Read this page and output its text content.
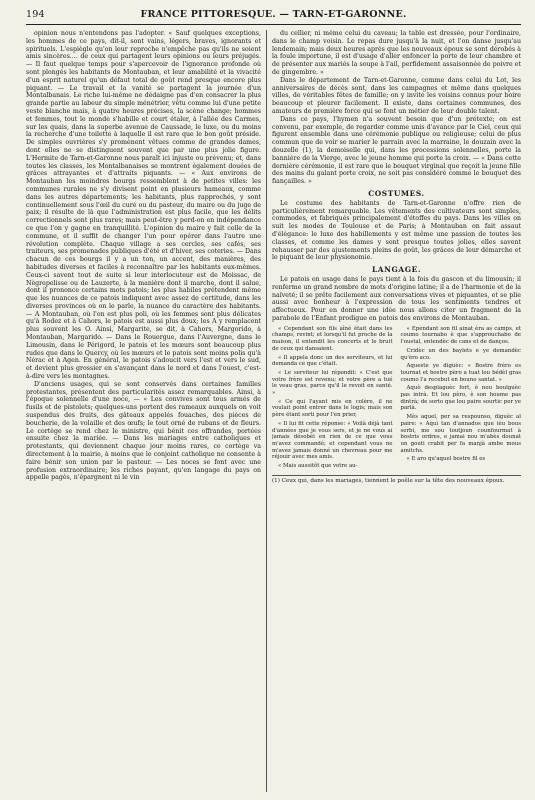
194	FRANCE PITTORESQUE. — TARN-ET-GARONNE.

opinion nous n'entendons pas l'adopter. « Sauf quelques exceptions, les hommes de ce pays, dit-il, sont vains, légers, braves, ignorants et spirituels. L'espiègle qu'on leur reproche n'empêche pas qu'ils ne soient amis sincères.... de ceux qui partagent leurs opinions ou leurs préjugés. — Il faut quelque temps pour s'apercevoir de l'ignorance profonde où sont plongés les habitants de Montauban, et leur amabilité et la vivacité d'un esprit naturel qu'un défaut total de goût rend presque encore plus piquant. — Le travail et la vanité se partagent la journée d'un Montalbanais. Le riche lui-même ne dédaigne pas d'en consacrer la plus grande partie au labeur du simple ménétrier, vêtu comme lui d'une petite veste blanche mais, à quatre heures précises, la scène change; hommes et femmes, tout le monde s'habille et court étaler, à l'allée des Carmes, sur les quais, dans la superbe avenue de Caussade, le luxe, ou du moins la recherche d'une toilette à laquelle il est rare que le bon goût préside. De simples ouvrières s'y promènent vêtues comme de grandes dames, dont elles ne se distinguent souvent que par une plus jolie figure. L'Hermite de Tarn-et-Garonne nous paraît ici injuste ou prévenu; et, dans toutes les classes, les Montalbanaises se montrent également douées de grâces attrayantes et d'attraits piquants. — « Aux environs de Montauban les moindres bourgs ressemblent à de petites villes: les communes rurales ne s'y divisent point en plusieurs hameaux, comme dans les autres départements; les habitants, plus rapprochés, y sont continuellement sous l'œil du curé ou du pasteur, du maire ou du juge de paix; il résulte de là que l'administration est plus facile, que les délits correctionnels sont plus rares; mais peut-être y perd-on en indépendance ce que l'on y gagne en tranquillité. L'opinion du maire y fait celle de la commune, et il suffit de changer l'un pour opérer dans l'autre une révolution complète. Chaque village a ses cercles, ses cafés, ses traiteurs, ses promenades publiques d'été et d'hiver, ses coteries. — Dans chacun de ces bourgs il y a un ton, un accent, des manières, des habitudes diverses et faciles à reconnaître par les habitants eux-mêmes. Ceux-ci savent tout de suite si leur interlocuteur est de Moissac, de Nègrepelisse ou de Lauzerte, à la manière dont il marche, dont il salue, dont il prononce certains mots patois; les plus habiles prétendent même que les nuances de ce patois indiquent avec assez de certitude, dans les diverses provinces où on le parle, la nuance du caractère des habitants. — A Montauban, où l'on est plus poli, où les femmes sont plus délicates qu'à Rodez et à Cahors, le patois est aussi plus doux; les A y remplacent plus souvent les O. Ainsi, Margarite, se dit, à Cahors, Margorido, à Montauban, Margarido. — Dans le Rouergue, dans l'Auvergne, dans le Limousin, dans le Périgord, le patois et les mœurs sont beaucoup plus rudes que dans le Quercy, où les mœurs et le patois sont moins polis qu'à Nérac et à Agen. En général, le patois s'adoucit vers l'est et vers le sud, et devient plus grossier en s'avançant dans le nord et dans l'ouest, c'est-à-dire vers les montagnes.

D'anciens usages, qui se sont conservés dans certaines familles protestantes, présentent des particularités assez remarquables. Ainsi, à l'époque solennelle d'une noce, — « Les convives sont tous armés de fusils et de pistolets; quelques-uns portent des rameaux auxquels on voit suspendus des fruits, des gâteaux appelés fouaches, des pièces de boucherie, de la volaille et des œufs; le tout orné de rubans et de fleurs. Le cortège se rend chez le ministre, qui bénit ces offrandes, portées ensuite chez la mariée. — Dans les mariages entre catholiques et protestants, qui deviennent chaque jour moins rares, ce cortège va directement à la mairie, à moins que le conjoint catholique ne consente à faire bénir son union par le pasteur. — Les noces se font avec une profusion extraordinaire; les riches payant, qu'en langage du pays on appelle pagès, n'épargnent ni le vin

du cellier, ni même celui du caveau; la table est dressée, pour l'ordinaire, dans le champ voisin. Le repas dure jusqu'à la nuit, et l'on danse jusqu'au lendemain; mais deux heures après que les nouveaux époux se sont dérobés à la foule importune, il est d'usage d'aller enfoncer la porte de leur chambre et de présenter aux mariés la soupe à l'ail, perfidement assaisonnée de poivre et de gingembre. »

Dans le département de Tarn-et-Garonne, comme dans celui du Lot, les anniversaires de décès sont, dans les campagnes et même dans quelques villes, de véritables fêtes de famille; on y invite les voisins connus pour boire beaucoup et pleurer facilement. Il existe, dans certaines communes, des amateurs de première force qui se font un métier de leur double talent.

Dans ce pays, l'hymen n'a souvent besoin que d'un prétexte; on est convenu, par exemple, de regarder comme unis d'avance par le Ciel, ceux qui figurent ensemble dans une cérémonie publique ou religieuse; celui de plus commun que de voir se marier le parrain avec la marraine, le douzain avec la douzelle (1), la demoiselle qui, dans les processions solennelles, porte la bannière de la Vierge, avec le jeune homme qui porte la croix. — « Dans cette dernière cérémonie, il est rare que le bouquet virginal que reçoit la jeune fille des mains du galant porte croix, ne soit pas considéré comme le bouquet des fiançailles. »

COSTUMES.

Le costume des habitants de Tarn-et-Garonne n'offre rien de particulièrement remarquable. Les vêtements des cultivateurs sont simples, commodes, et fabriqués principalement d'étoffes du pays. Dans les villes on suit les modes de Toulouse et de Paris; à Montauban on fait assaut d'élégance: le luxe des habillements y est même une passion de toutes les classes, et comme les dames y sont presque toutes jolies, elles savent rehausser par des ajustements pleins de goût, les grâces de leur démarche et le piquant de leur physionomie.

LANGAGE.

Le patois en usage dans le pays tient à la fois du gascon et du limousin; il renferme un grand nombre de mots d'origine latine; il a de l'harmonie et de la naïveté; il se prête facilement aux conversations vives et piquantes, et se plie aussi avec bonheur à l'expression de tous les sentiments tendres et affectueux. Pour en donner une idée nous allons citer un fragment de la parabole de l'Enfant prodigue en patois des environs de Montauban.

« Cependant son fils aîné était dans les champs, revint; et lorsqu'il fut proche de la maison, il entendit les concerts et le bruit de ceux qui dansaient.

« Il appela donc un des serviteurs, et lui demanda ce que c'était.

« Le serviteur lui répondit: « C'est que votre frère est revenu; et votre père a tué le veau gras, parce qu'il le revoit en santé. »

« Ce qui l'ayant mis en colère, il ne voulait point entrer dans le logis; mais son père étant sorti pour l'en prier,

« Il lui fit cette réponse: « Voilà déjà tant d'années que je vous sers, et je ne vous ai jamais désobéi en rien de ce que vous m'avez commandé; et cependant vous ne m'avez jamais donné un chevreau pour me réjouir avec mes amis.

« Mais aussitôt que votre au-

« Ependant son fil ainat èra as camps, et coumo tournabo è que s'approuchabo de l'oustal, entendèc de cans et de danços.

Cridèc un des baylets e ye demandèc qu'èro aco.

Aqueste ye diguèc: « Bostre frèro es tournat et bostre pèro a tuat lou bédèl gras coumo l'a recebut en bouno santat. »

Aquò desplaguèc fort, è nou boulguèc pas intrà. Et lou pèro, è son houme pas dintrà; de sorto que lou paire sourtic per ye parlà.

Mès aquel, per sa respounso, diguèc al paire: « Aquì tan d'annados que ièu bous serbi, me sou toutjoun counfourmat à bostris ordres, e jamai nou m'abès dounat un gouti crabit per fa manjà ambe mous amitchs.

« E aro qu'aquel bostre fil es

(1) Ceux qui, dans les mariages, tiennent le poêle sur la tête des nouveaux époux.
